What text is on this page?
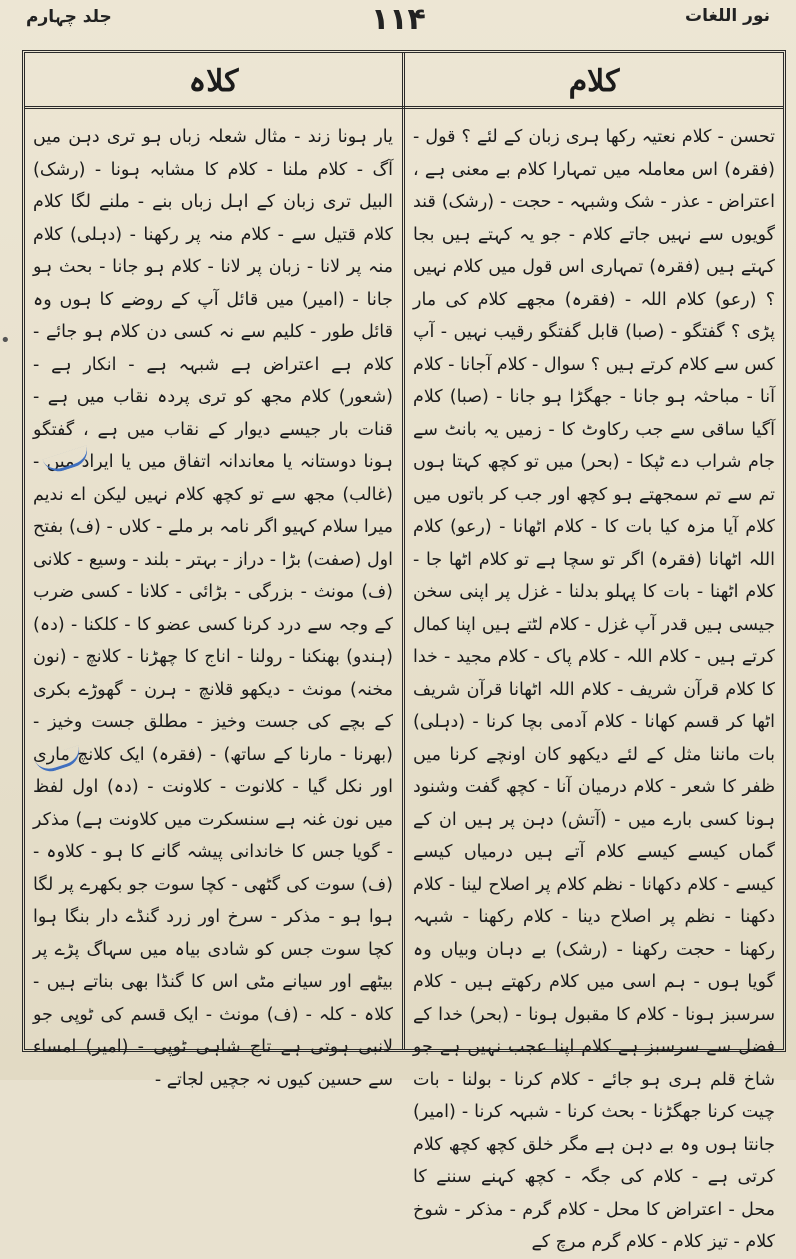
جلد چہارم	۱۱۴	نور اللغات
•
کلاہ	کلام

یار ہونا زند - مثال شعلہ زباں ہو تری دہن میں آگ - کلام ملنا - کلام کا مشابہ ہونا - (رشک) البیل تری زبان کے اہل زباں بنے - ملنے لگا کلام کلام قتیل سے - کلام منہ پر رکھنا - (دہلی) کلام منہ پر لانا - زبان پر لانا - کلام ہو جانا - بحث ہو جانا - (امیر) میں قائل آپ کے روضے کا ہوں وہ قائل طور - کلیم سے نہ کسی دن کلام ہو جائے - کلام ہے اعتراض ہے شبہہ ہے - انکار ہے - (شعور) کلام مجھ کو تری پردہ نقاب میں ہے - قنات بار جیسے دیوار کے نقاب میں ہے ، گفتگو ہونا دوستانہ یا معاندانہ اتفاق میں یا ایراد میں - (غالب) مجھ سے تو کچھ کلام نہیں لیکن اے ندیم میرا سلام کہیو اگر نامہ بر ملے - کلاں - (ف) بفتح اول (صفت) بڑا - دراز - بہتر - بلند - وسیع - کلانی (ف) مونث - بزرگی - بڑائی - کلانا - کسی ضرب کے وجہ سے درد کرنا کسی عضو کا - کلکنا - (دہ) (ہندو) بھنکنا - رولنا - اناج کا چھڑنا - کلانچ - (نون مخنہ) مونث - دیکھو قلانچ - ہرن - گھوڑے بکری کے بچے کی جست وخیز - مطلق جست وخیز - (بھرنا - مارنا کے ساتھ) - (فقرہ) ایک کلانچ ماری اور نکل گیا - کلانوت - کلاونت - (دہ) اول لفظ میں نون غنہ ہے سنسکرت میں کلاونت ہے) مذکر - گویا جس کا خاندانی پیشہ گانے کا ہو - کلاوہ - (ف) سوت کی گٹھی - کچا سوت جو بکھرے پر لگا ہوا ہو - مذکر - سرخ اور زرد گنڈے دار بنگا ہوا کچا سوت جس کو شادی بیاہ میں سہاگ پڑے پر بیٹھے اور سیانے مٹی اس کا گنڈا بھی بناتے ہیں - کلاہ - کلہ - (ف) مونث - ایک قسم کی ٹوپی جو لانبی ہوتی ہے تاج شاہی ٹوپی - (امیر) امساء سے حسین کیوں نہ جچیں لجاتے -

تحسن - کلام نعتیہ رکھا ہری زبان کے لئے ؟ قول - (فقرہ) اس معاملہ میں تمہارا کلام بے معنی ہے ، اعتراض - عذر - شک وشبہہ - حجت - (رشک) قند گویوں سے نہیں جاتے کلام - جو یہ کہتے ہیں بجا کہتے ہیں (فقرہ) تمہاری اس قول میں کلام نہیں ؟ (رعو) کلام اللہ - (فقرہ) مجھے کلام کی مار پڑی ؟ گفتگو - (صبا) قابل گفتگو رقیب نہیں - آپ کس سے کلام کرتے ہیں ؟ سوال - کلام آجانا - کلام آنا - مباحثہ ہو جانا - جھگڑا ہو جانا - (صبا) کلام آگیا ساقی سے جب رکاوٹ کا - زمیں یہ بانٹ سے جام شراب دے ٹپکا - (بحر) میں تو کچھ کہتا ہوں تم سے تم سمجھتے ہو کچھ اور جب کر باتوں میں کلام آیا مزہ کیا بات کا - کلام اٹھانا - (رعو) کلام اللہ اٹھانا (فقرہ) اگر تو سچا ہے تو کلام اٹھا جا - کلام اٹھنا - بات کا پہلو بدلنا - غزل پر اپنی سخن جیسی ہیں قدر آپ غزل - کلام لٹتے ہیں اپنا کمال کرتے ہیں - کلام اللہ - کلام پاک - کلام مجید - خدا کا کلام قرآن شریف - کلام اللہ اٹھانا قرآن شریف اٹھا کر قسم کھانا - کلام آدمی بچا کرنا - (دہلی) بات ماننا مثل کے لئے دیکھو کان اونچے کرنا میں ظفر کا شعر - کلام درمیان آنا - کچھ گفت وشنود ہونا کسی بارے میں - (آتش) دہن پر ہیں ان کے گماں کیسے کیسے کلام آتے ہیں درمیاں کیسے کیسے - کلام دکھانا - نظم کلام پر اصلاح لینا - کلام دکھنا - نظم پر اصلاح دینا - کلام رکھنا - شبہہ رکھنا - حجت رکھنا - (رشک) بے دہان وبیاں وہ گویا ہوں - ہم اسی میں کلام رکھتے ہیں - کلام سرسبز ہونا - کلام کا مقبول ہونا - (بحر) خدا کے فضل سے سرسبز ہے کلام اپنا عجب نہیں ہے جو شاخ قلم ہری ہو جائے - کلام کرنا - بولنا - بات چیت کرنا جھگڑنا - بحث کرنا - شبہہ کرنا - (امیر) جانتا ہوں وہ بے دہن ہے مگر خلق کچھ کچھ کلام کرتی ہے - کلام کی جگہ - کچھ کہنے سننے کا محل - اعتراض کا محل - کلام گرم - مذکر - شوخ کلام - تیز کلام - کلام گرم مرچ کے
